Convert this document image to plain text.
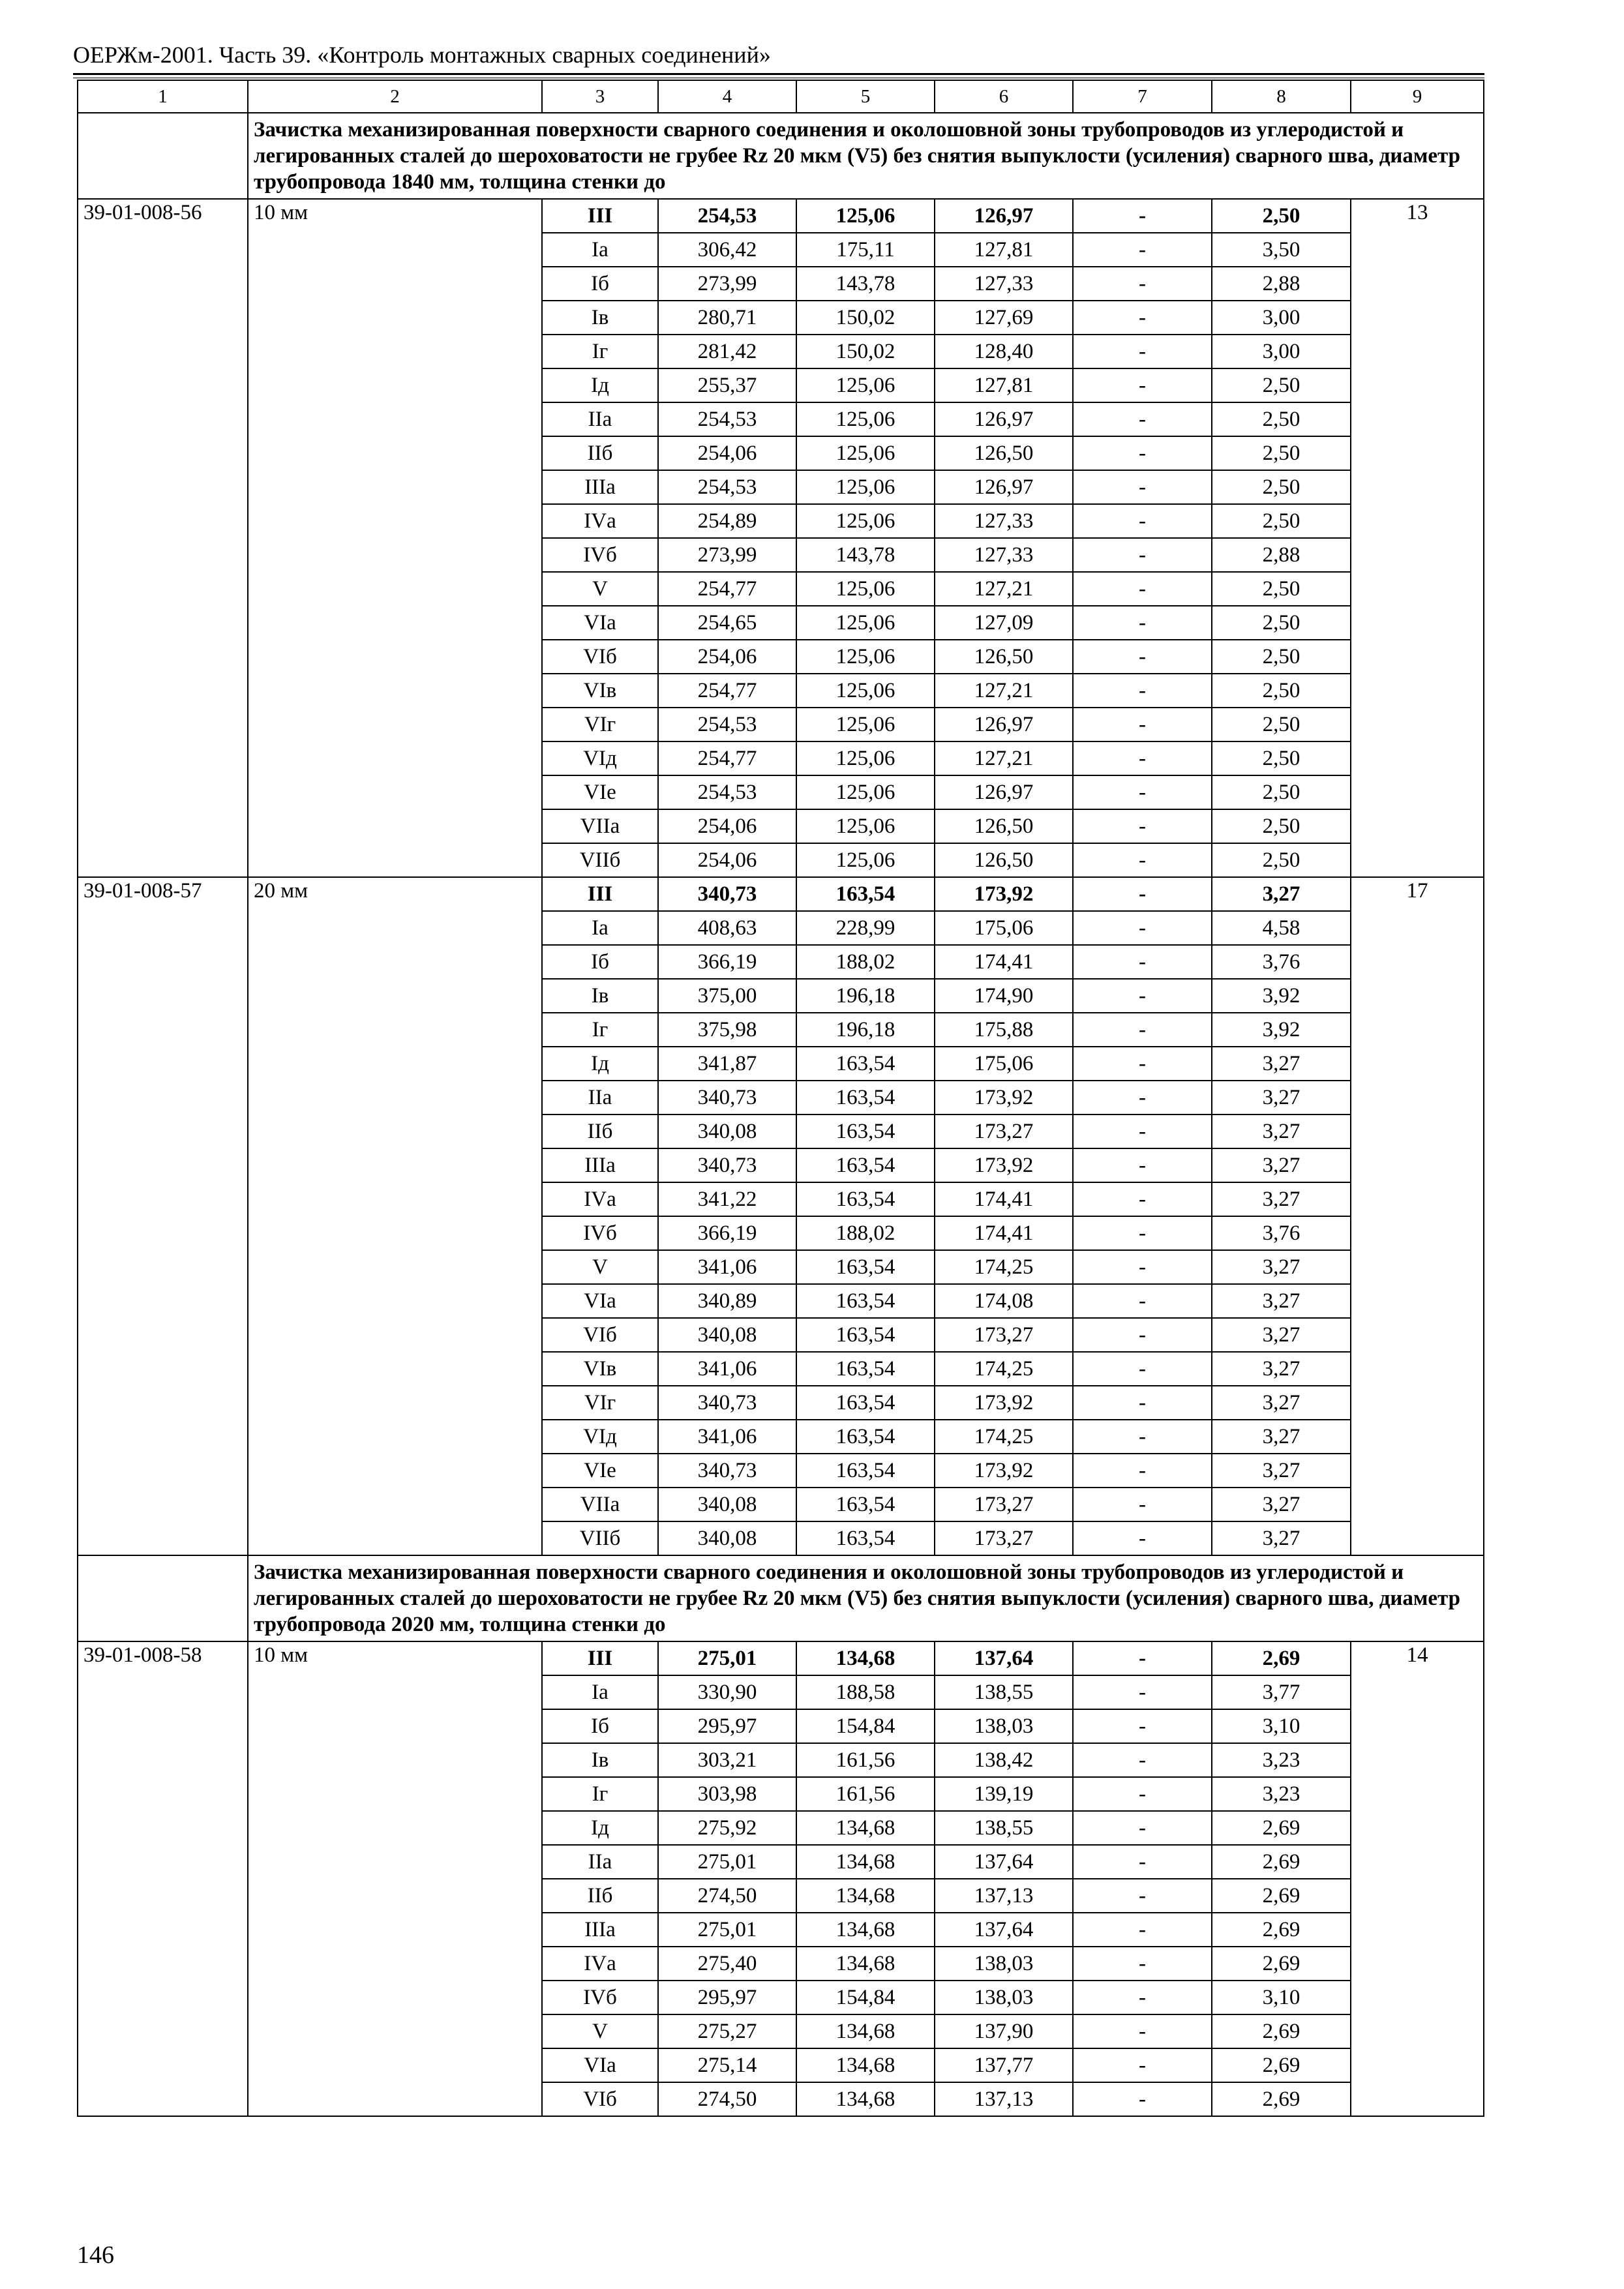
ОЕРЖм-2001. Часть 39. «Контроль монтажных сварных соединений»
1	2	3	4	5	6	7	8	9
	Зачистка механизированная поверхности сварного соединения и околошовной зоны трубопроводов из углеродистой и легированных сталей до шероховатости не грубее Rz 20 мкм (V5) без снятия выпуклости (усиления) сварного шва, диаметр трубопровода 1840 мм, толщина стенки до							
39-01-008-56	10 мм	III	254,53	125,06	126,97	-	2,50	13
		Iа	306,42	175,11	127,81	-	3,50	
		Iб	273,99	143,78	127,33	-	2,88	
		Iв	280,71	150,02	127,69	-	3,00	
		Iг	281,42	150,02	128,40	-	3,00	
		Iд	255,37	125,06	127,81	-	2,50	
		IIа	254,53	125,06	126,97	-	2,50	
		IIб	254,06	125,06	126,50	-	2,50	
		IIIа	254,53	125,06	126,97	-	2,50	
		IVа	254,89	125,06	127,33	-	2,50	
		IVб	273,99	143,78	127,33	-	2,88	
		V	254,77	125,06	127,21	-	2,50	
		VIа	254,65	125,06	127,09	-	2,50	
		VIб	254,06	125,06	126,50	-	2,50	
		VIв	254,77	125,06	127,21	-	2,50	
		VIг	254,53	125,06	126,97	-	2,50	
		VIд	254,77	125,06	127,21	-	2,50	
		VIе	254,53	125,06	126,97	-	2,50	
		VIIа	254,06	125,06	126,50	-	2,50	
		VIIб	254,06	125,06	126,50	-	2,50	
39-01-008-57	20 мм	III	340,73	163,54	173,92	-	3,27	17
		Iа	408,63	228,99	175,06	-	4,58	
		Iб	366,19	188,02	174,41	-	3,76	
		Iв	375,00	196,18	174,90	-	3,92	
		Iг	375,98	196,18	175,88	-	3,92	
		Iд	341,87	163,54	175,06	-	3,27	
		IIа	340,73	163,54	173,92	-	3,27	
		IIб	340,08	163,54	173,27	-	3,27	
		IIIа	340,73	163,54	173,92	-	3,27	
		IVа	341,22	163,54	174,41	-	3,27	
		IVб	366,19	188,02	174,41	-	3,76	
		V	341,06	163,54	174,25	-	3,27	
		VIа	340,89	163,54	174,08	-	3,27	
		VIб	340,08	163,54	173,27	-	3,27	
		VIв	341,06	163,54	174,25	-	3,27	
		VIг	340,73	163,54	173,92	-	3,27	
		VIд	341,06	163,54	174,25	-	3,27	
		VIе	340,73	163,54	173,92	-	3,27	
		VIIа	340,08	163,54	173,27	-	3,27	
		VIIб	340,08	163,54	173,27	-	3,27	
	Зачистка механизированная поверхности сварного соединения и околошовной зоны трубопроводов из углеродистой и легированных сталей до шероховатости не грубее Rz 20 мкм (V5) без снятия выпуклости (усиления) сварного шва, диаметр трубопровода 2020 мм, толщина стенки до							
39-01-008-58	10 мм	III	275,01	134,68	137,64	-	2,69	14
		Iа	330,90	188,58	138,55	-	3,77	
		Iб	295,97	154,84	138,03	-	3,10	
		Iв	303,21	161,56	138,42	-	3,23	
		Iг	303,98	161,56	139,19	-	3,23	
		Iд	275,92	134,68	138,55	-	2,69	
		IIа	275,01	134,68	137,64	-	2,69	
		IIб	274,50	134,68	137,13	-	2,69	
		IIIа	275,01	134,68	137,64	-	2,69	
		IVа	275,40	134,68	138,03	-	2,69	
		IVб	295,97	154,84	138,03	-	3,10	
		V	275,27	134,68	137,90	-	2,69	
		VIа	275,14	134,68	137,77	-	2,69	
		VIб	274,50	134,68	137,13	-	2,69	
146
